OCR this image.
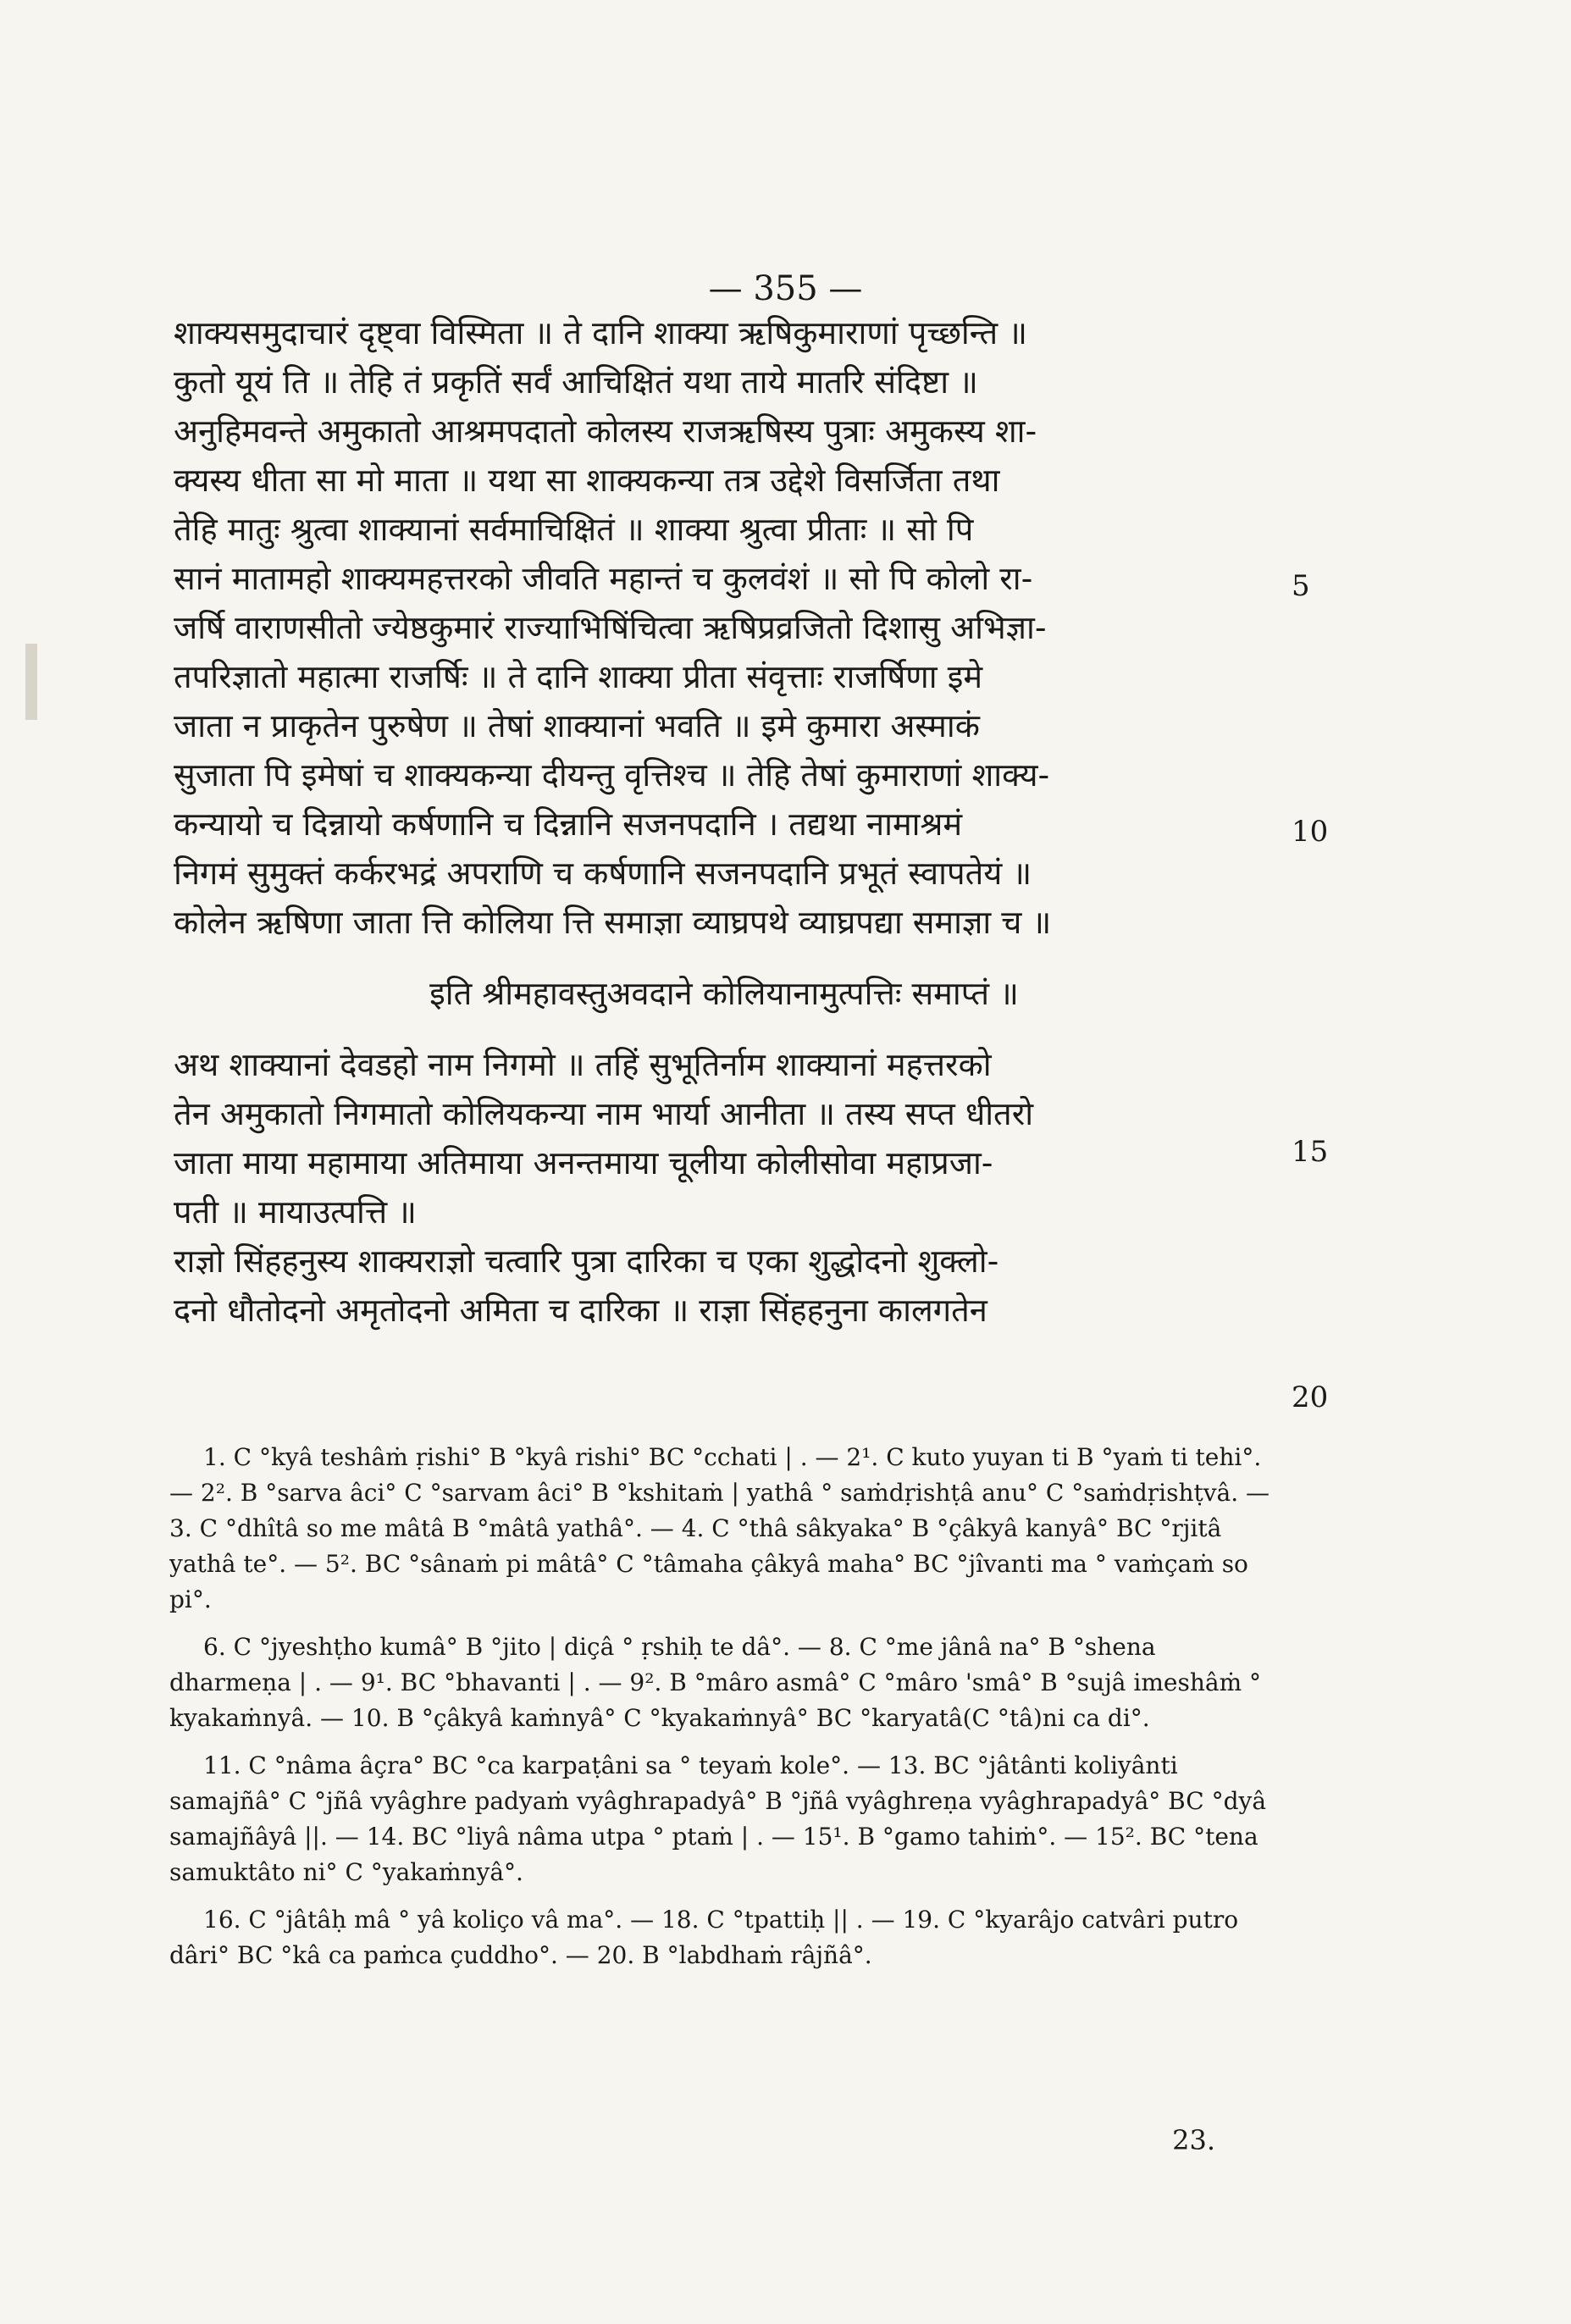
— 355 —
शाक्यसमुदाचारं दृष्ट्वा विस्मिता ॥ ते दानि शाक्या ऋषिकुमाराणां पृच्छन्ति ॥
कुतो यूयं ति ॥ तेहि तं प्रकृतिं सर्वं आचिक्षितं यथा ताये मातरि संदिष्टा ॥
अनुहिमवन्ते अमुकातो आश्रमपदातो कोलस्य राजऋषिस्य पुत्राः अमुकस्य शा-
क्यस्य धीता सा मो माता ॥ यथा सा शाक्यकन्या तत्र उद्देशे विसर्जिता तथा
तेहि मातुः श्रुत्वा शाक्यानां सर्वमाचिक्षितं ॥ शाक्या श्रुत्वा प्रीताः ॥ सो पि
सानं मातामहो शाक्यमहत्तरको जीवति महान्तं च कुलवंशं ॥ सो पि कोलो रा-
जर्षि वाराणसीतो ज्येष्ठकुमारं राज्याभिषिंचित्वा ऋषिप्रव्रजितो दिशासु अभिज्ञा-
तपरिज्ञातो महात्मा राजर्षिः ॥ ते दानि शाक्या प्रीता संवृत्ताः राजर्षिणा इमे
जाता न प्राकृतेन पुरुषेण ॥ तेषां शाक्यानां भवति ॥ इमे कुमारा अस्माकं
सुजाता पि इमेषां च शाक्यकन्या दीयन्तु वृत्तिश्च ॥ तेहि तेषां कुमाराणां शाक्य-
कन्यायो च दिन्नायो कर्षणानि च दिन्नानि सजनपदानि । तद्यथा नामाश्रमं
निगमं सुमुक्तं कर्करभद्रं अपराणि च कर्षणानि सजनपदानि प्रभूतं स्वापतेयं ॥
कोलेन ऋषिणा जाता त्ति कोलिया त्ति समाज्ञा व्याघ्रपथे व्याघ्रपद्या समाज्ञा च ॥
इति श्रीमहावस्तुअवदाने कोलियानामुत्पत्तिः समाप्तं ॥
अथ शाक्यानां देवडहो नाम निगमो ॥ तहिं सुभूतिर्नाम शाक्यानां महत्तरको
तेन अमुकातो निगमातो कोलियकन्या नाम भार्या आनीता ॥ तस्य सप्त धीतरो
जाता माया महामाया अतिमाया अनन्तमाया चूलीया कोलीसोवा महाप्रजा-
पती ॥ मायाउत्पत्ति ॥
राज्ञो सिंहहनुस्य शाक्यराज्ञो चत्वारि पुत्रा दारिका च एका शुद्धोदनो शुक्लो-
दनो धौतोदनो अमृतोदनो अमिता च दारिका ॥ राज्ञा सिंहहनुना कालगतेन
5
10
15
20

1. C °kyâ teshâṁ ṛishi° B °kyâ rishi° BC °cchati | . — 2¹. C kuto yuyan ti B °yaṁ ti tehi°. — 2². B °sarva âci° C °sarvam âci° B °kshitaṁ | yathâ ° saṁdṛishṭâ anu° C °saṁdṛishṭvâ. — 3. C °dhîtâ so me mâtâ B °mâtâ yathâ°. — 4. C °thâ sâkyaka° B °çâkyâ kanyâ° BC °rjitâ yathâ te°. — 5². BC °sânaṁ pi mâtâ° C °tâmaha çâkyâ maha° BC °jîvanti ma ° vaṁçaṁ so pi°.

6. C °jyeshṭho kumâ° B °jito | diçâ ° ṛshiḥ te dâ°. — 8. C °me jânâ na° B °shena dharmeṇa | . — 9¹. BC °bhavanti | . — 9². B °mâro asmâ° C °mâro 'smâ° B °sujâ imeshâṁ ° kyakaṁnyâ. — 10. B °çâkyâ kaṁnyâ° C °kyakaṁnyâ° BC °karyatâ(C °tâ)ni ca di°.

11. C °nâma âçra° BC °ca karpaṭâni sa ° teyaṁ kole°. — 13. BC °jâtânti koliyânti samajñâ° C °jñâ vyâghre padyaṁ vyâghrapadyâ° B °jñâ vyâghreṇa vyâghrapadyâ° BC °dyâ samajñâyâ ||. — 14. BC °liyâ nâma utpa ° ptaṁ | . — 15¹. B °gamo tahiṁ°. — 15². BC °tena samuktâto ni° C °yakaṁnyâ°.

16. C °jâtâḥ mâ ° yâ koliço vâ ma°. — 18. C °tpattiḥ || . — 19. C °kyarâjo catvâri putro dâri° BC °kâ ca paṁca çuddho°. — 20. B °labdhaṁ râjñâ°.

23.
